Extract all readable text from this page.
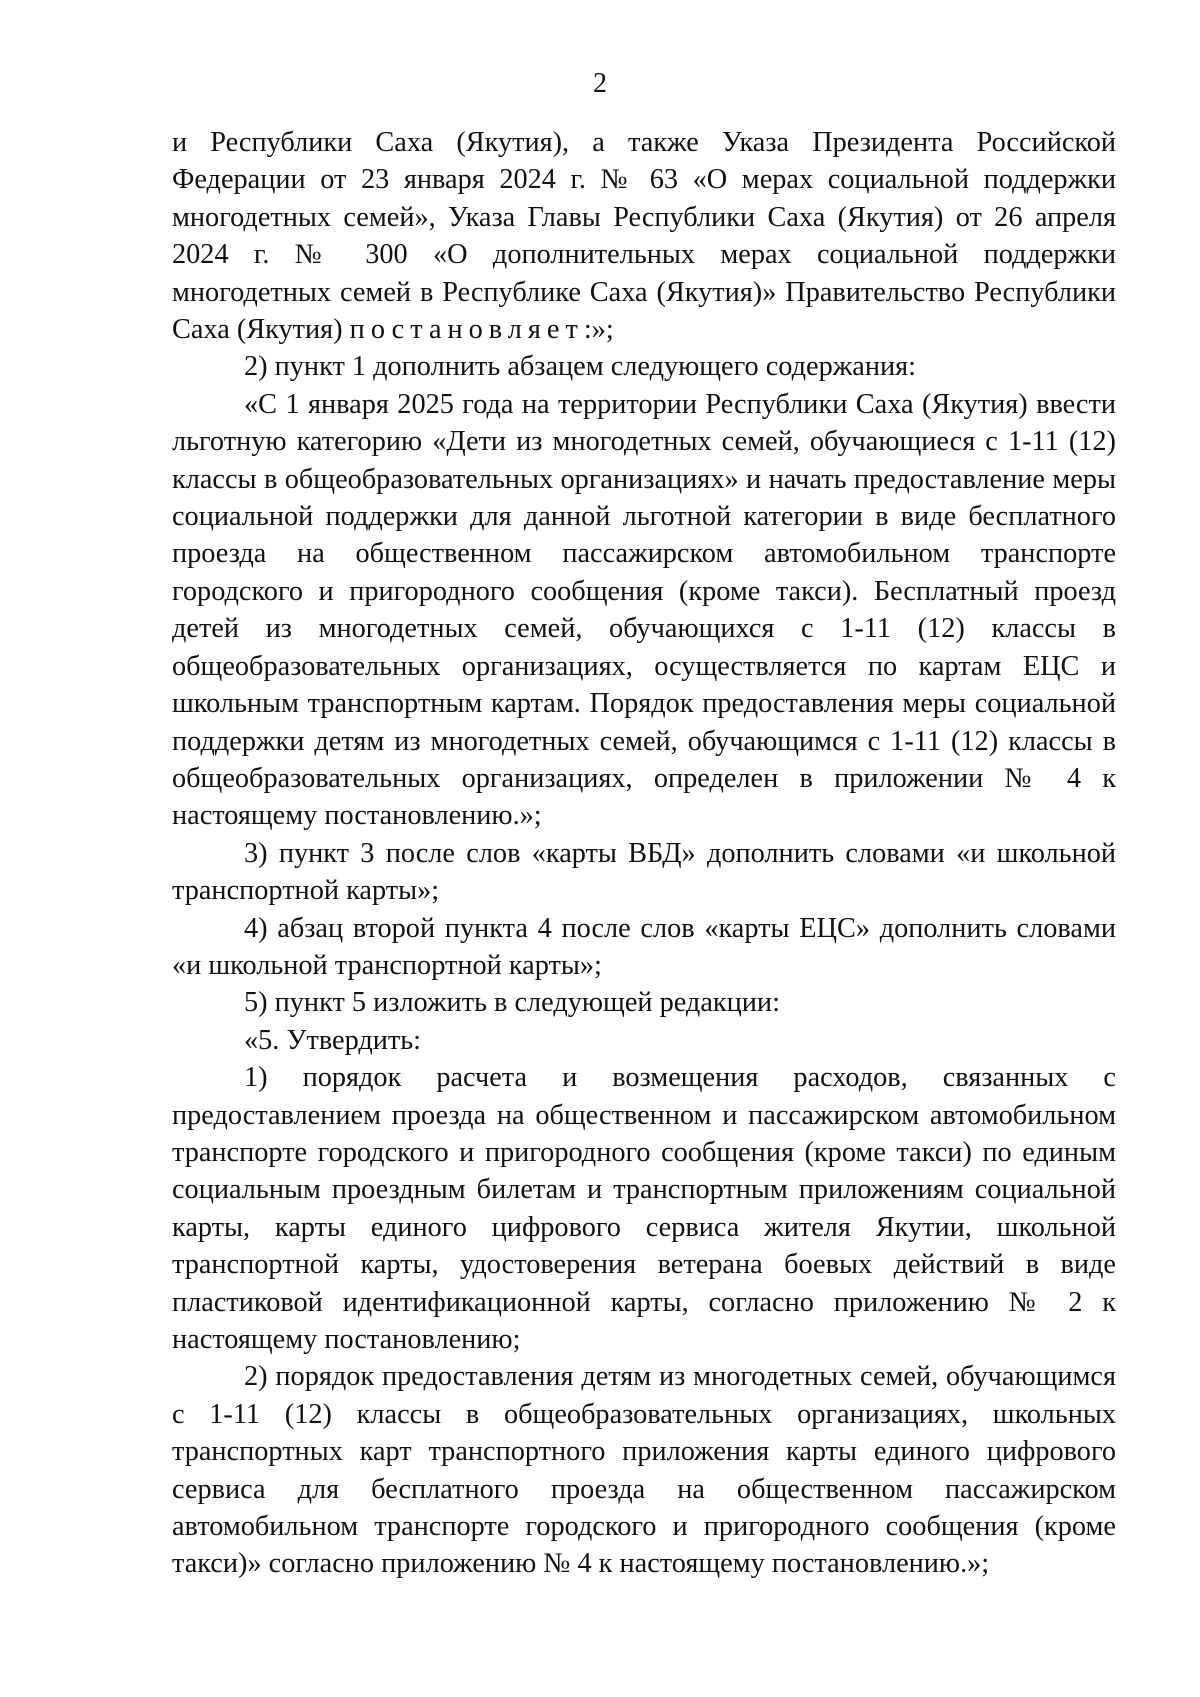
2

и Республики Саха (Якутия), а также Указа Президента Российской Федерации от 23 января 2024 г. № 63 «О мерах социальной поддержки многодетных семей», Указа Главы Республики Саха (Якутия) от 26 апреля 2024 г. № 300 «О дополнительных мерах социальной поддержки многодетных семей в Республике Саха (Якутия)» Правительство Республики Саха (Якутия) постановляет:»;

2) пункт 1 дополнить абзацем следующего содержания:

«С 1 января 2025 года на территории Республики Саха (Якутия) ввести льготную категорию «Дети из многодетных семей, обучающиеся с 1-11 (12) классы в общеобразовательных организациях» и начать предоставление меры социальной поддержки для данной льготной категории в виде бесплатного проезда на общественном пассажирском автомобильном транспорте городского и пригородного сообщения (кроме такси). Бесплатный проезд детей из многодетных семей, обучающихся с 1-11 (12) классы в общеобразовательных организациях, осуществляется по картам ЕЦС и школьным транспортным картам. Порядок предоставления меры социальной поддержки детям из многодетных семей, обучающимся с 1-11 (12) классы в общеобразовательных организациях, определен в приложении № 4 к настоящему постановлению.»;

3) пункт 3 после слов «карты ВБД» дополнить словами «и школьной транспортной карты»;

4) абзац второй пункта 4 после слов «карты ЕЦС» дополнить словами «и школьной транспортной карты»;

5) пункт 5 изложить в следующей редакции:

«5. Утвердить:

1) порядок расчета и возмещения расходов, связанных с предоставлением проезда на общественном и пассажирском автомобильном транспорте городского и пригородного сообщения (кроме такси) по единым социальным проездным билетам и транспортным приложениям социальной карты, карты единого цифрового сервиса жителя Якутии, школьной транспортной карты, удостоверения ветерана боевых действий в виде пластиковой идентификационной карты, согласно приложению № 2 к настоящему постановлению;

2) порядок предоставления детям из многодетных семей, обучающимся с 1-11 (12) классы в общеобразовательных организациях, школьных транспортных карт транспортного приложения карты единого цифрового сервиса для бесплатного проезда на общественном пассажирском автомобильном транспорте городского и пригородного сообщения (кроме такси)» согласно приложению № 4 к настоящему постановлению.»;
